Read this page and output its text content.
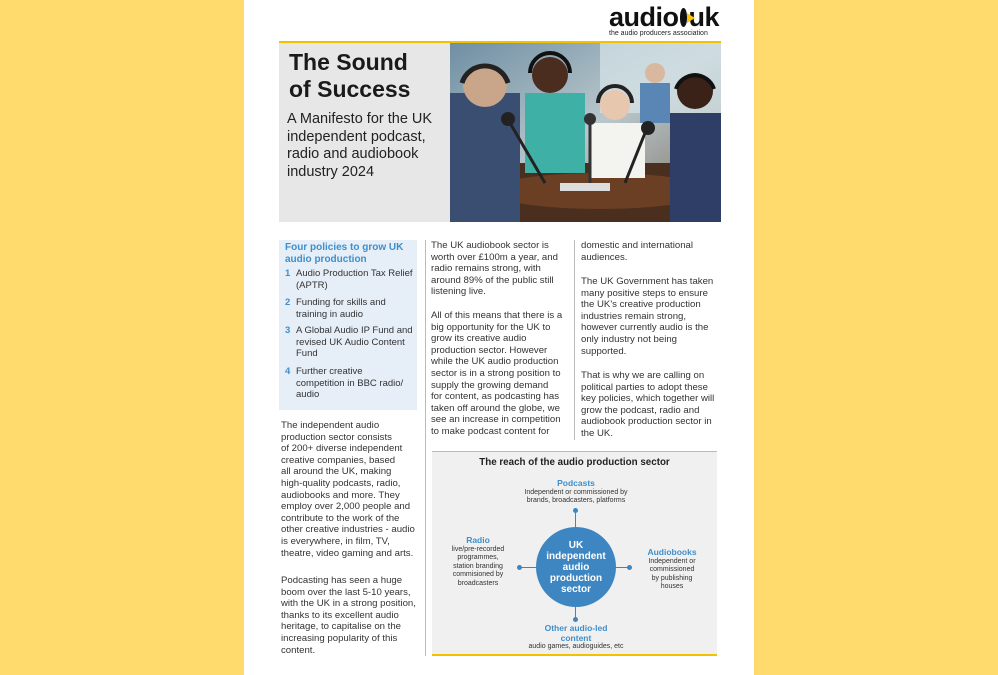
audio uk
the audio producers association
The Sound
of Success
A Manifesto for the UK independent podcast, radio and audiobook industry 2024
Four policies to grow UK audio production
1 Audio Production Tax Relief (APTR)
2 Funding for skills and training in audio
3 A Global Audio IP Fund and revised UK Audio Content Fund
4 Further creative competition in BBC radio/ audio
The independent audio
production sector consists
of 200+ diverse independent
creative companies, based
all around the UK, making
high-quality podcasts, radio,
audiobooks and more. They
employ over 2,000 people and
contribute to the work of the
other creative industries - audio
is everywhere, in film, TV,
theatre, video gaming and arts.
Podcasting has seen a huge
boom over the last 5-10 years,
with the UK in a strong position,
thanks to its excellent audio
heritage, to capitalise on the
increasing popularity of this
content.
The UK audiobook sector is
worth over £100m a year, and
radio remains strong, with
around 89% of the public still
listening live.
All of this means that there is a
big opportunity for the UK to
grow its creative audio
production sector. However
while the UK audio production
sector is in a strong position to
supply the growing demand
for content, as podcasting has
taken off around the globe, we
see an increase in competition
to make podcast content for
domestic and international
audiences.
The UK Government has taken
many positive steps to ensure
the UK's creative production
industries remain strong,
however currently audio is the
only industry not being
supported.
That is why we are calling on
political parties to adopt these
key policies, which together will
grow the podcast, radio and
audiobook production sector in
the UK.
The reach of the audio production sector
UK
independent
audio
production
sector
Podcasts
Independent or commissioned by
brands, broadcasters, platforms
Radio
live/pre-recorded
programmes,
station branding
commisioned by
broadcasters
Audiobooks
Independent or
commissioned
by publishing
houses
Other audio-led
content
audio games, audioguides, etc
